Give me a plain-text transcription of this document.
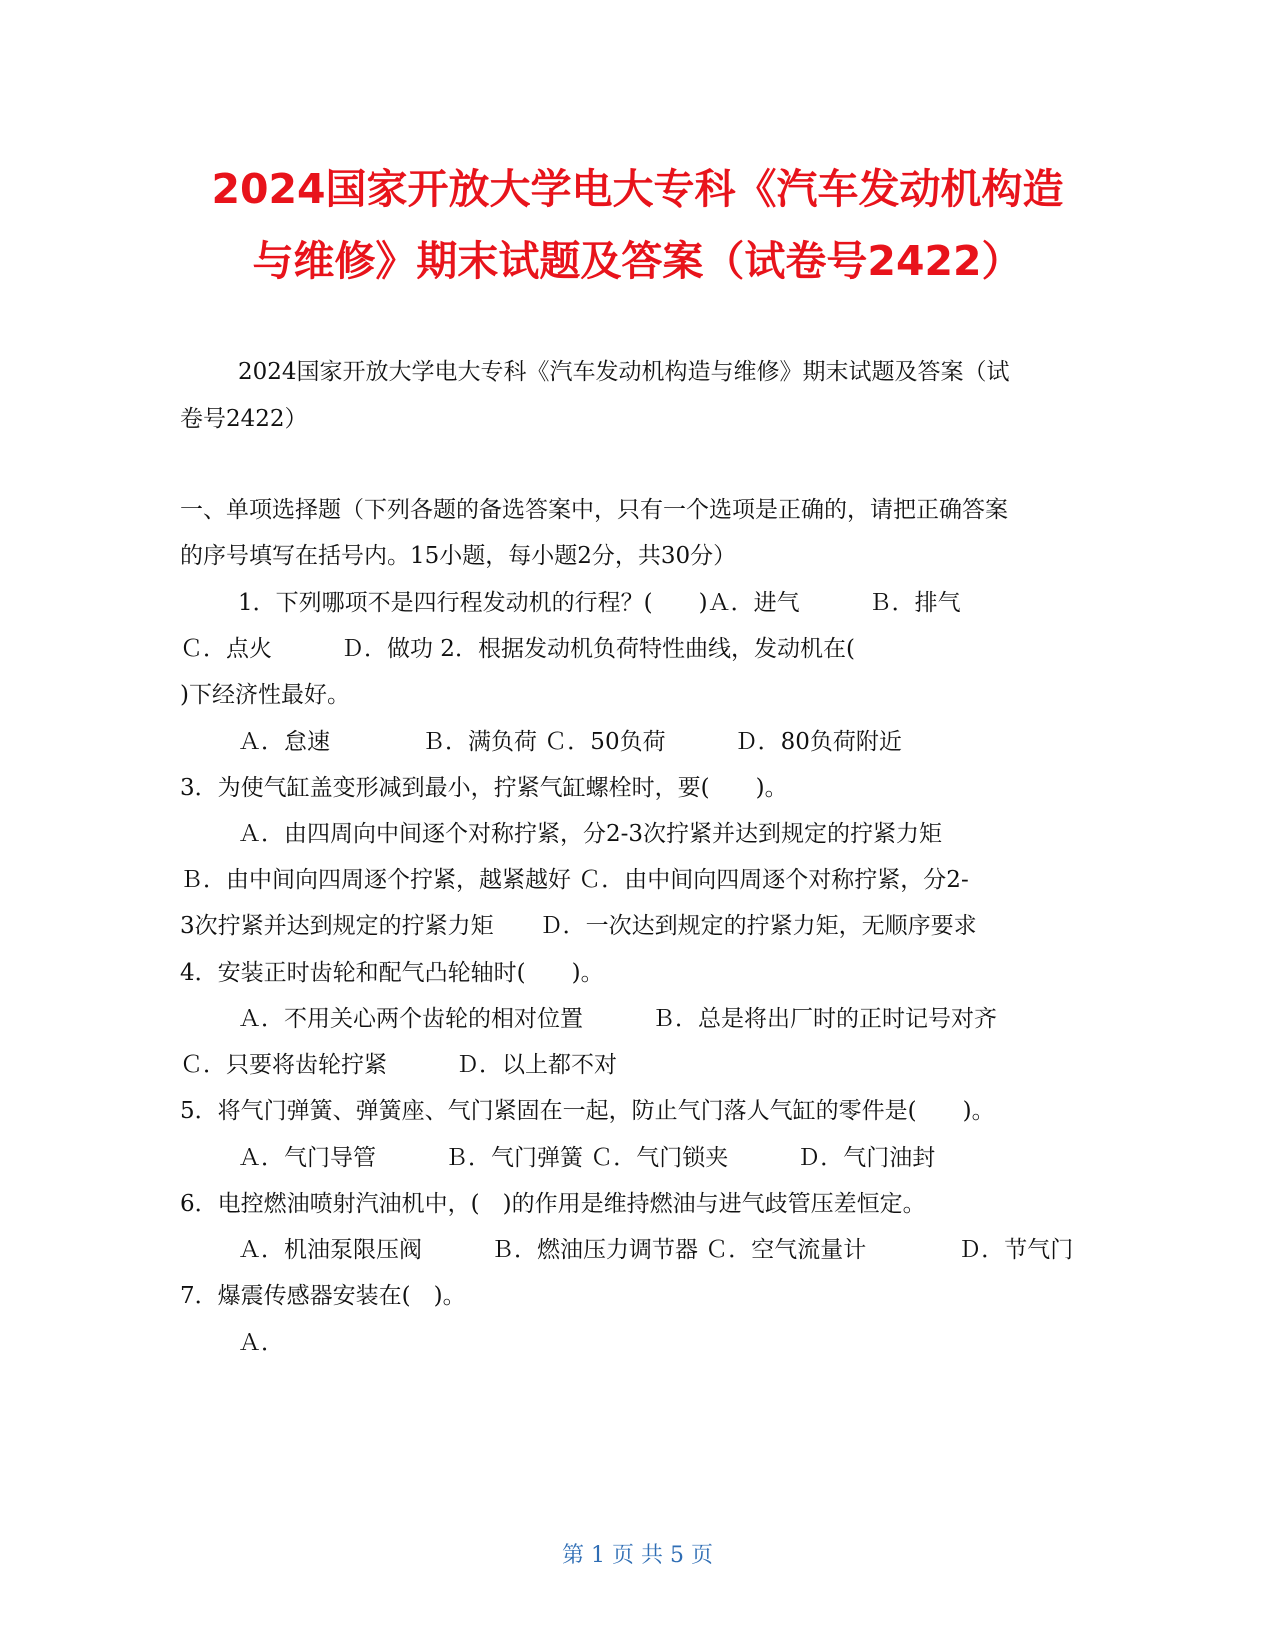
2024国家开放大学电大专科《汽车发动机构造
与维修》期末试题及答案（试卷号2422）

2024国家开放大学电大专科《汽车发动机构造与维修》期末试题及答案（试

卷号2422）

一、单项选择题（下列各题的备选答案中，只有一个选项是正确的，请把正确答案

的序号填写在括号内。15小题，每小题2分，共30分）

1．下列哪项不是四行程发动机的行程？(　　)Ａ．进气　　　Ｂ．排气

Ｃ．点火　　　Ｄ．做功 2．根据发动机负荷特性曲线，发动机在(

)下经济性最好。

Ａ．怠速　　　　Ｂ．满负荷 Ｃ．50负荷　　　Ｄ．80负荷附近

3．为使气缸盖变形减到最小，拧紧气缸螺栓时，要(　　)。

Ａ．由四周向中间逐个对称拧紧，分2-3次拧紧并达到规定的拧紧力矩

Ｂ．由中间向四周逐个拧紧，越紧越好 Ｃ．由中间向四周逐个对称拧紧，分2-

3次拧紧并达到规定的拧紧力矩　　Ｄ．一次达到规定的拧紧力矩，无顺序要求

4．安装正时齿轮和配气凸轮轴时(　　)。

Ａ．不用关心两个齿轮的相对位置　　　Ｂ．总是将出厂时的正时记号对齐

Ｃ．只要将齿轮拧紧　　　Ｄ．以上都不对

5．将气门弹簧、弹簧座、气门紧固在一起，防止气门落人气缸的零件是(　　)。

Ａ．气门导管　　　Ｂ．气门弹簧 Ｃ．气门锁夹　　　Ｄ．气门油封

6．电控燃油喷射汽油机中，(　)的作用是维持燃油与进气歧管压差恒定。

Ａ．机油泵限压阀　　　Ｂ．燃油压力调节器 Ｃ．空气流量计　　　　Ｄ．节气门

7．爆震传感器安装在(　)。

Ａ．

第 1 页 共 5 页
